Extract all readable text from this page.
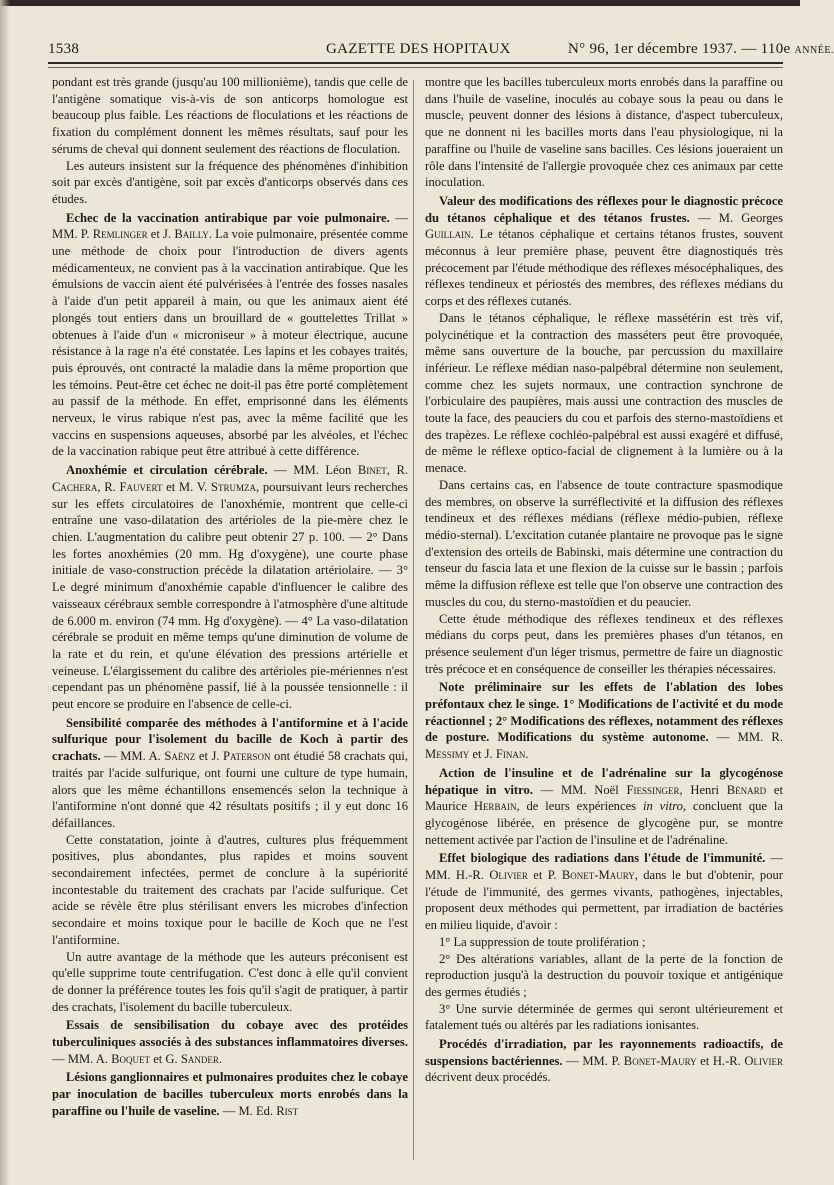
1538	GAZETTE DES HOPITAUX	N° 96, 1er décembre 1937. — 110e ANNÉE.

pondant est très grande (jusqu'au 100 millionième), tandis que celle de l'antigène somatique vis-à-vis de son anticorps homologue est beaucoup plus faible. Les réactions de floculations et les réactions de fixation du complément donnent les mêmes résultats, sauf pour les sérums de cheval qui donnent seulement des réactions de floculation.

Les auteurs insistent sur la fréquence des phénomènes d'inhibition soit par excès d'antigène, soit par excès d'anticorps observés dans ces études.

Echec de la vaccination antirabique par voie pulmonaire. — MM. P. Remlinger et J. Bailly. La voie pulmonaire, présentée comme une méthode de choix pour l'introduction de divers agents médicamenteux, ne convient pas à la vaccination antirabique. Que les émulsions de vaccin aient été pulvérisées à l'entrée des fosses nasales à l'aide d'un petit appareil à main, ou que les animaux aient été plongés tout entiers dans un brouillard de « gouttelettes Trillat » obtenues à l'aide d'un « microniseur » à moteur électrique, aucune résistance à la rage n'a été constatée. Les lapins et les cobayes traités, puis éprouvés, ont contracté la maladie dans la même proportion que les témoins. Peut-être cet échec ne doit-il pas être porté complètement au passif de la méthode. En effet, emprisonné dans les éléments nerveux, le virus rabique n'est pas, avec la même facilité que les vaccins en suspensions aqueuses, absorbé par les alvéoles, et l'échec de la vaccination rabique peut être attribué à cette différence.

Anoxhémie et circulation cérébrale. — MM. Léon Binet, R. Cachera, R. Fauvert et M. V. Strumza, poursuivant leurs recherches sur les effets circulatoires de l'anoxhémie, montrent que celle-ci entraîne une vaso-dilatation des artérioles de la pie-mère chez le chien. L'augmentation du calibre peut obtenir 27 p. 100. — 2° Dans les fortes anoxhémies (20 mm. Hg d'oxygène), une courte phase initiale de vaso-construction précède la dilatation artériolaire. — 3° Le degré minimum d'anoxhémie capable d'influencer le calibre des vaisseaux cérébraux semble correspondre à l'atmosphère d'une altitude de 6.000 m. environ (74 mm. Hg d'oxygène). — 4° La vaso-dilatation cérébrale se produit en même temps qu'une diminution de volume de la rate et du rein, et qu'une élévation des pressions artérielle et veineuse. L'élargissement du calibre des artérioles pie-mériennes n'est cependant pas un phénomène passif, lié à la poussée tensionnelle : il peut encore se produire en l'absence de celle-ci.

Sensibilité comparée des méthodes à l'antiformine et à l'acide sulfurique pour l'isolement du bacille de Koch à partir des crachats. — MM. A. Saënz et J. Paterson ont étudié 58 crachats qui, traités par l'acide sulfurique, ont fourni une culture de type humain, alors que les même échantillons ensemencés selon la technique à l'antiformine n'ont donné que 42 résultats positifs ; il y eut donc 16 défaillances.

Cette constatation, jointe à d'autres, cultures plus fréquemment positives, plus abondantes, plus rapides et moins souvent secondairement infectées, permet de conclure à la supériorité incontestable du traitement des crachats par l'acide sulfurique. Cet acide se révèle être plus stérilisant envers les microbes d'infection secondaire et moins toxique pour le bacille de Koch que ne l'est l'antiformine.

Un autre avantage de la méthode que les auteurs préconisent est qu'elle supprime toute centrifugation. C'est donc à elle qu'il convient de donner la préférence toutes les fois qu'il s'agit de pratiquer, à partir des crachats, l'isolement du bacille tuberculeux.

Essais de sensibilisation du cobaye avec des protéides tuberculiniques associés à des substances inflammatoires diverses. — MM. A. Boquet et G. Sander.

Lésions ganglionnaires et pulmonaires produites chez le cobaye par inoculation de bacilles tuberculeux morts enrobés dans la paraffine ou l'huile de vaseline. — M. Ed. Rist

montre que les bacilles tuberculeux morts enrobés dans la paraffine ou dans l'huile de vaseline, inoculés au cobaye sous la peau ou dans le muscle, peuvent donner des lésions à distance, d'aspect tuberculeux, que ne donnent ni les bacilles morts dans l'eau physiologique, ni la paraffine ou l'huile de vaseline sans bacilles. Ces lésions joueraient un rôle dans l'intensité de l'allergie provoquée chez ces animaux par cette inoculation.

Valeur des modifications des réflexes pour le diagnostic précoce du tétanos céphalique et des tétanos frustes. — M. Georges Guillain. Le tétanos céphalique et certains tétanos frustes, souvent méconnus à leur première phase, peuvent être diagnostiqués très précocement par l'étude méthodique des réflexes mésocéphaliques, des réflexes tendineux et périostés des membres, des réflexes médians du corps et des réflexes cutanés.

Dans le tétanos céphalique, le réflexe massétérin est très vif, polycinétique et la contraction des masséters peut être provoquée, même sans ouverture de la bouche, par percussion du maxillaire inférieur. Le réflexe médian naso-palpébral détermine non seulement, comme chez les sujets normaux, une contraction synchrone de l'orbiculaire des paupières, mais aussi une contraction des muscles de toute la face, des peauciers du cou et parfois des sterno-mastoïdiens et des trapèzes. Le réflexe cochléo-palpébral est aussi exagéré et diffusé, de même le réflexe optico-facial de clignement à la lumière ou à la menace.

Dans certains cas, en l'absence de toute contracture spasmodique des membres, on observe la surréflectivité et la diffusion des réflexes tendineux et des réflexes médians (réflexe médio-pubien, réflexe médio-sternal). L'excitation cutanée plantaire ne provoque pas le signe d'extension des orteils de Babinski, mais détermine une contraction du tenseur du fascia lata et une flexion de la cuisse sur le bassin ; parfois même la diffusion réflexe est telle que l'on observe une contraction des muscles du cou, du sterno-mastoïdien et du peaucier.

Cette étude méthodique des réflexes tendineux et des réflexes médians du corps peut, dans les premières phases d'un tétanos, en présence seulement d'un léger trismus, permettre de faire un diagnostic très précoce et en conséquence de conseiller les thérapies nécessaires.

Note préliminaire sur les effets de l'ablation des lobes préfontaux chez le singe. 1° Modifications de l'activité et du mode réactionnel ; 2° Modifications des réflexes, notamment des réflexes de posture. Modifications du système autonome. — MM. R. Messimy et J. Finan.

Action de l'insuline et de l'adrénaline sur la glycogénose hépatique in vitro. — MM. Noël Fiessinger, Henri Bénard et Maurice Herbain, de leurs expériences in vitro, concluent que la glycogénose libérée, en présence de glycogène pur, se montre nettement activée par l'action de l'insuline et de l'adrénaline.

Effet biologique des radiations dans l'étude de l'immunité. — MM. H.-R. Olivier et P. Bonet-Maury, dans le but d'obtenir, pour l'étude de l'immunité, des germes vivants, pathogènes, injectables, proposent deux méthodes qui permettent, par irradiation de bactéries en milieu liquide, d'avoir :

1° La suppression de toute prolifération ;

2° Des altérations variables, allant de la perte de la fonction de reproduction jusqu'à la destruction du pouvoir toxique et antigénique des germes étudiés ;

3° Une survie déterminée de germes qui seront ultérieurement et fatalement tués ou altérés par les radiations ionisantes.

Procédés d'irradiation, par les rayonnements radioactifs, de suspensions bactériennes. — MM. P. Bonet-Maury et H.-R. Olivier décrivent deux procédés.
